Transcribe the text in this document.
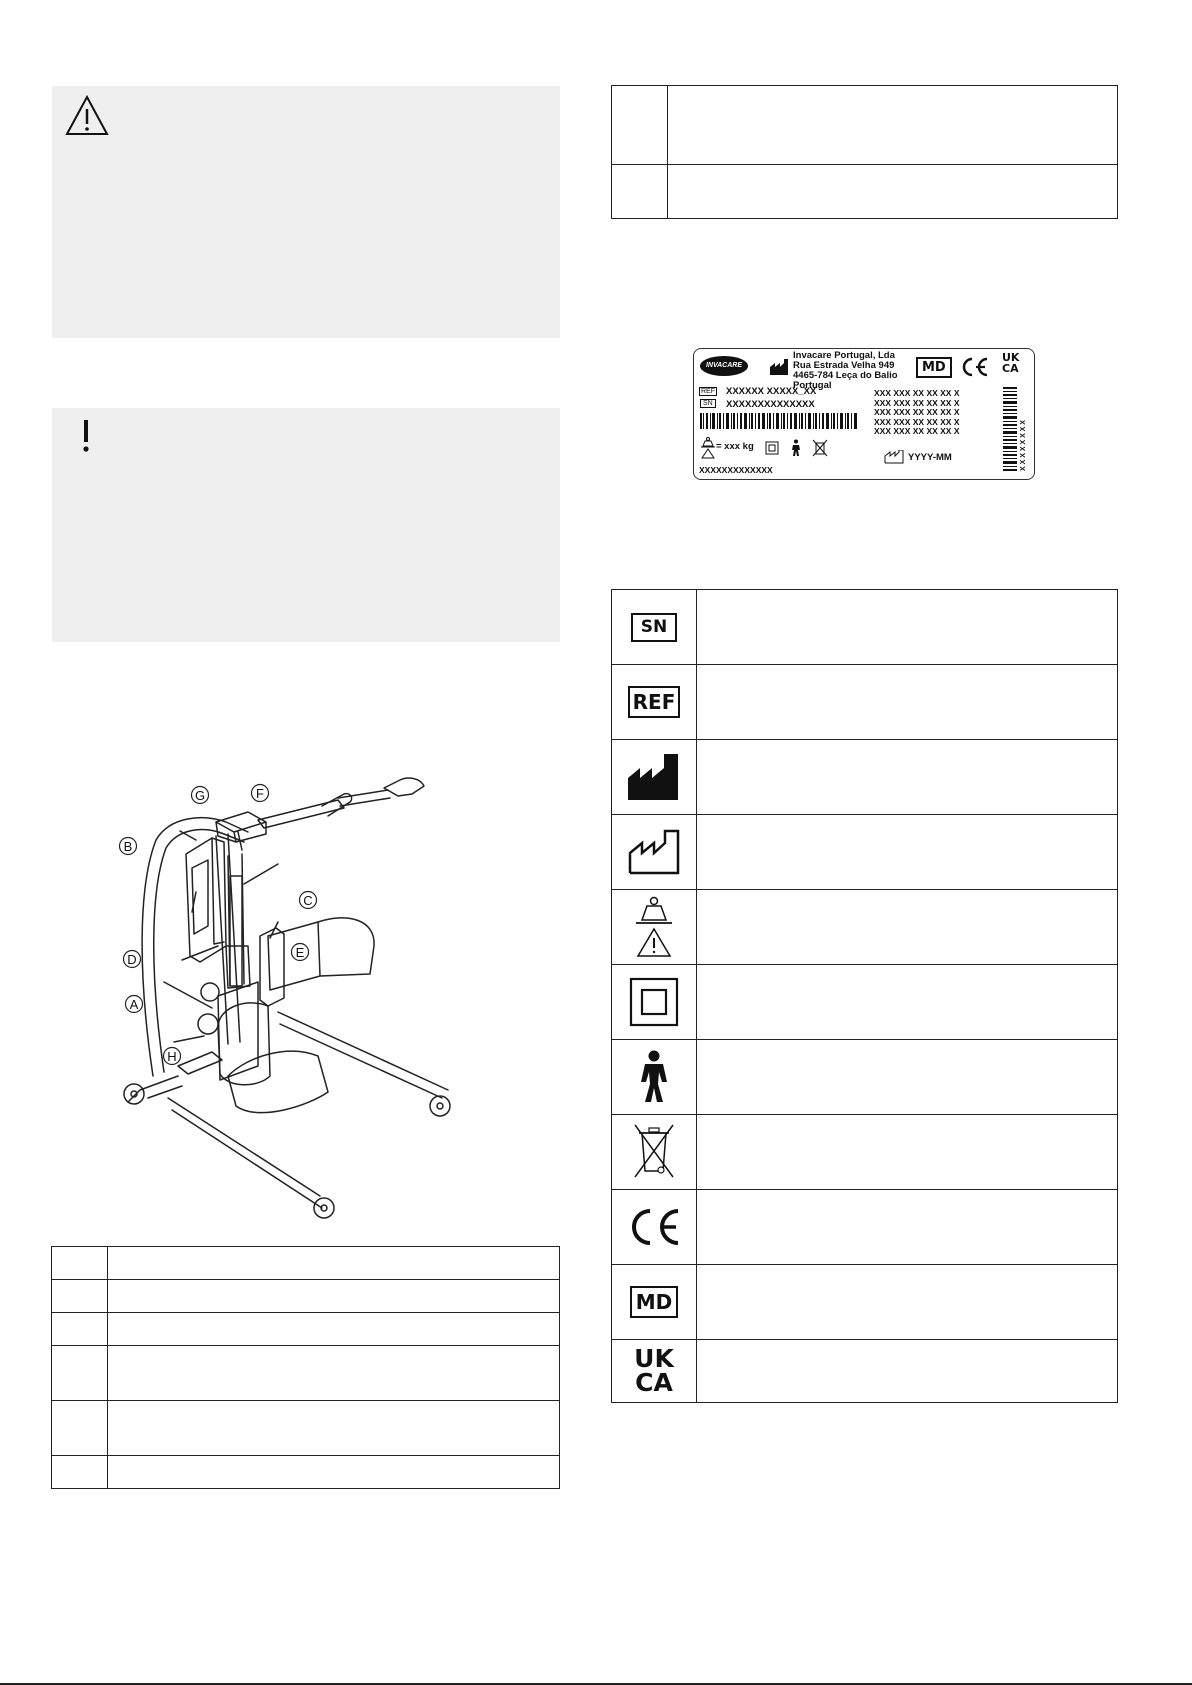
INVACARE
Invacare Portugal, Lda
Rua Estrada Velha 949
4465-784 Leça do Balio
Portugal
MD
UK
CA
REF XXXXXX XXXXX_XX
SN	XXXXXXXXXXXXXX
XXX XXX XX XX XX X
XXX XXX XX XX XX X
XXX XXX XX XX XX X
XXX XXX XX XX XX X
XXX XXX XX XX XX X
= xxx kg
YYYY-MM
XXXXXXXXXXXXX	X X X X X X X X
G	F
B
C
D	E
A
H

SN	

REF	

MD	

UK
CA	
